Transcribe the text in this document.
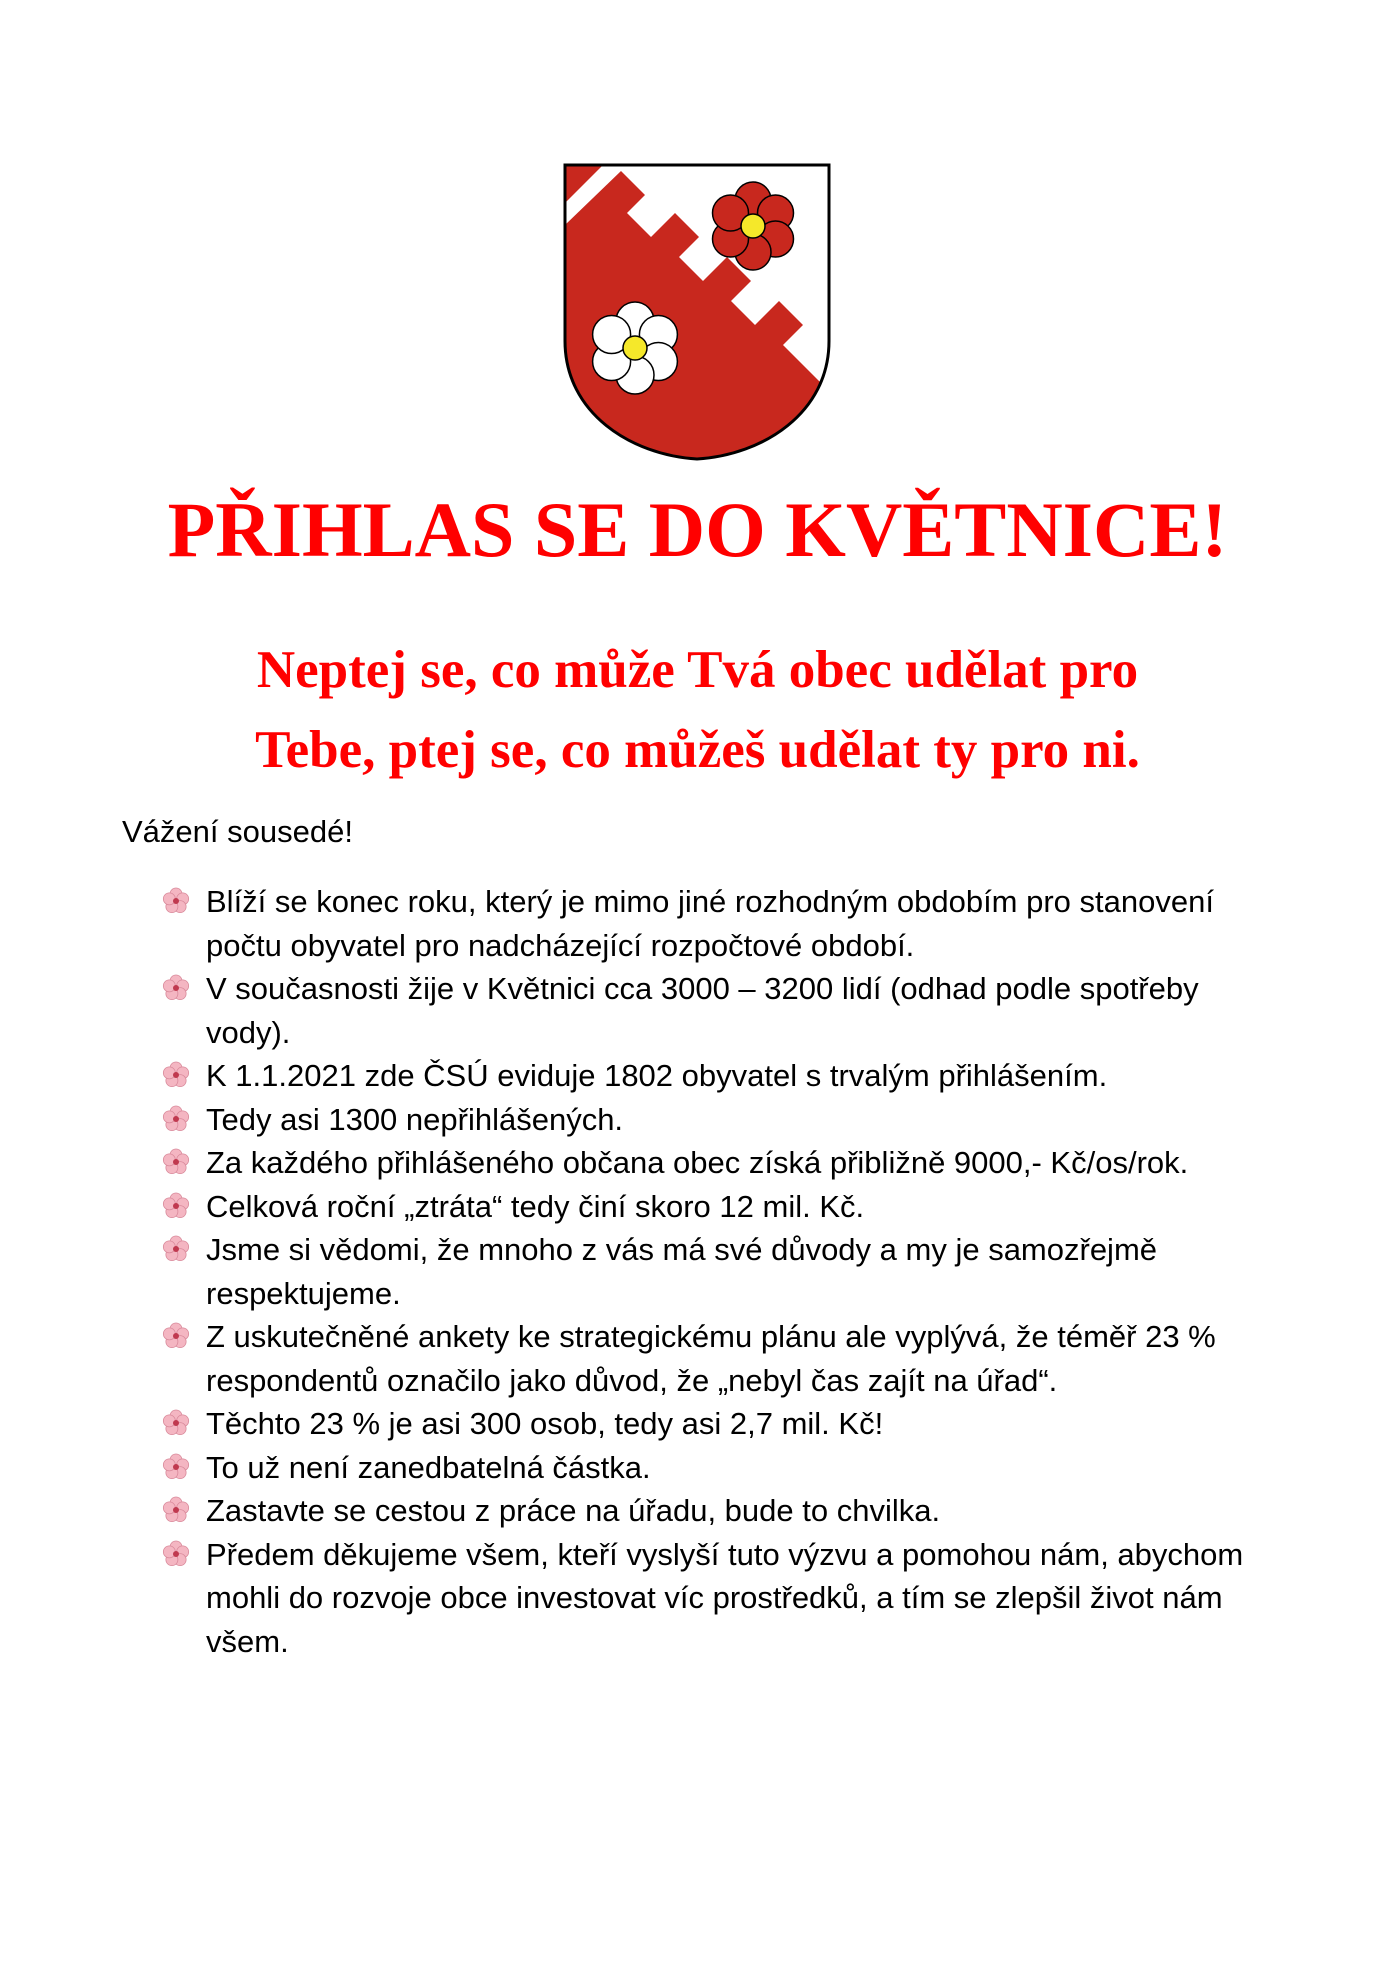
PŘIHLAS SE DO KVĚTNICE!
Neptej se, co může Tvá obec udělat pro
Tebe, ptej se, co můžeš udělat ty pro ni.

Vážení sousedé!

Blíží se konec roku, který je mimo jiné rozhodným obdobím pro stanovení počtu obyvatel pro nadcházející rozpočtové období.
V současnosti žije v Květnici cca 3000 – 3200 lidí (odhad podle spotřeby vody).
K 1.1.2021 zde ČSÚ eviduje 1802 obyvatel s trvalým přihlášením.
Tedy asi 1300 nepřihlášených.
Za každého přihlášeného občana obec získá přibližně 9000,- Kč/os/rok.
Celková roční „ztráta“ tedy činí skoro 12 mil. Kč.
Jsme si vědomi, že mnoho z vás má své důvody a my je samozřejmě respektujeme.
Z uskutečněné ankety ke strategickému plánu ale vyplývá, že téměř 23 % respondentů označilo jako důvod, že „nebyl čas zajít na úřad“.
Těchto 23 % je asi 300 osob, tedy asi 2,7 mil. Kč!
To už není zanedbatelná částka.
Zastavte se cestou z práce na úřadu, bude to chvilka.
Předem děkujeme všem, kteří vyslyší tuto výzvu a pomohou nám, abychom mohli do rozvoje obce investovat víc prostředků, a tím se zlepšil život nám všem.
